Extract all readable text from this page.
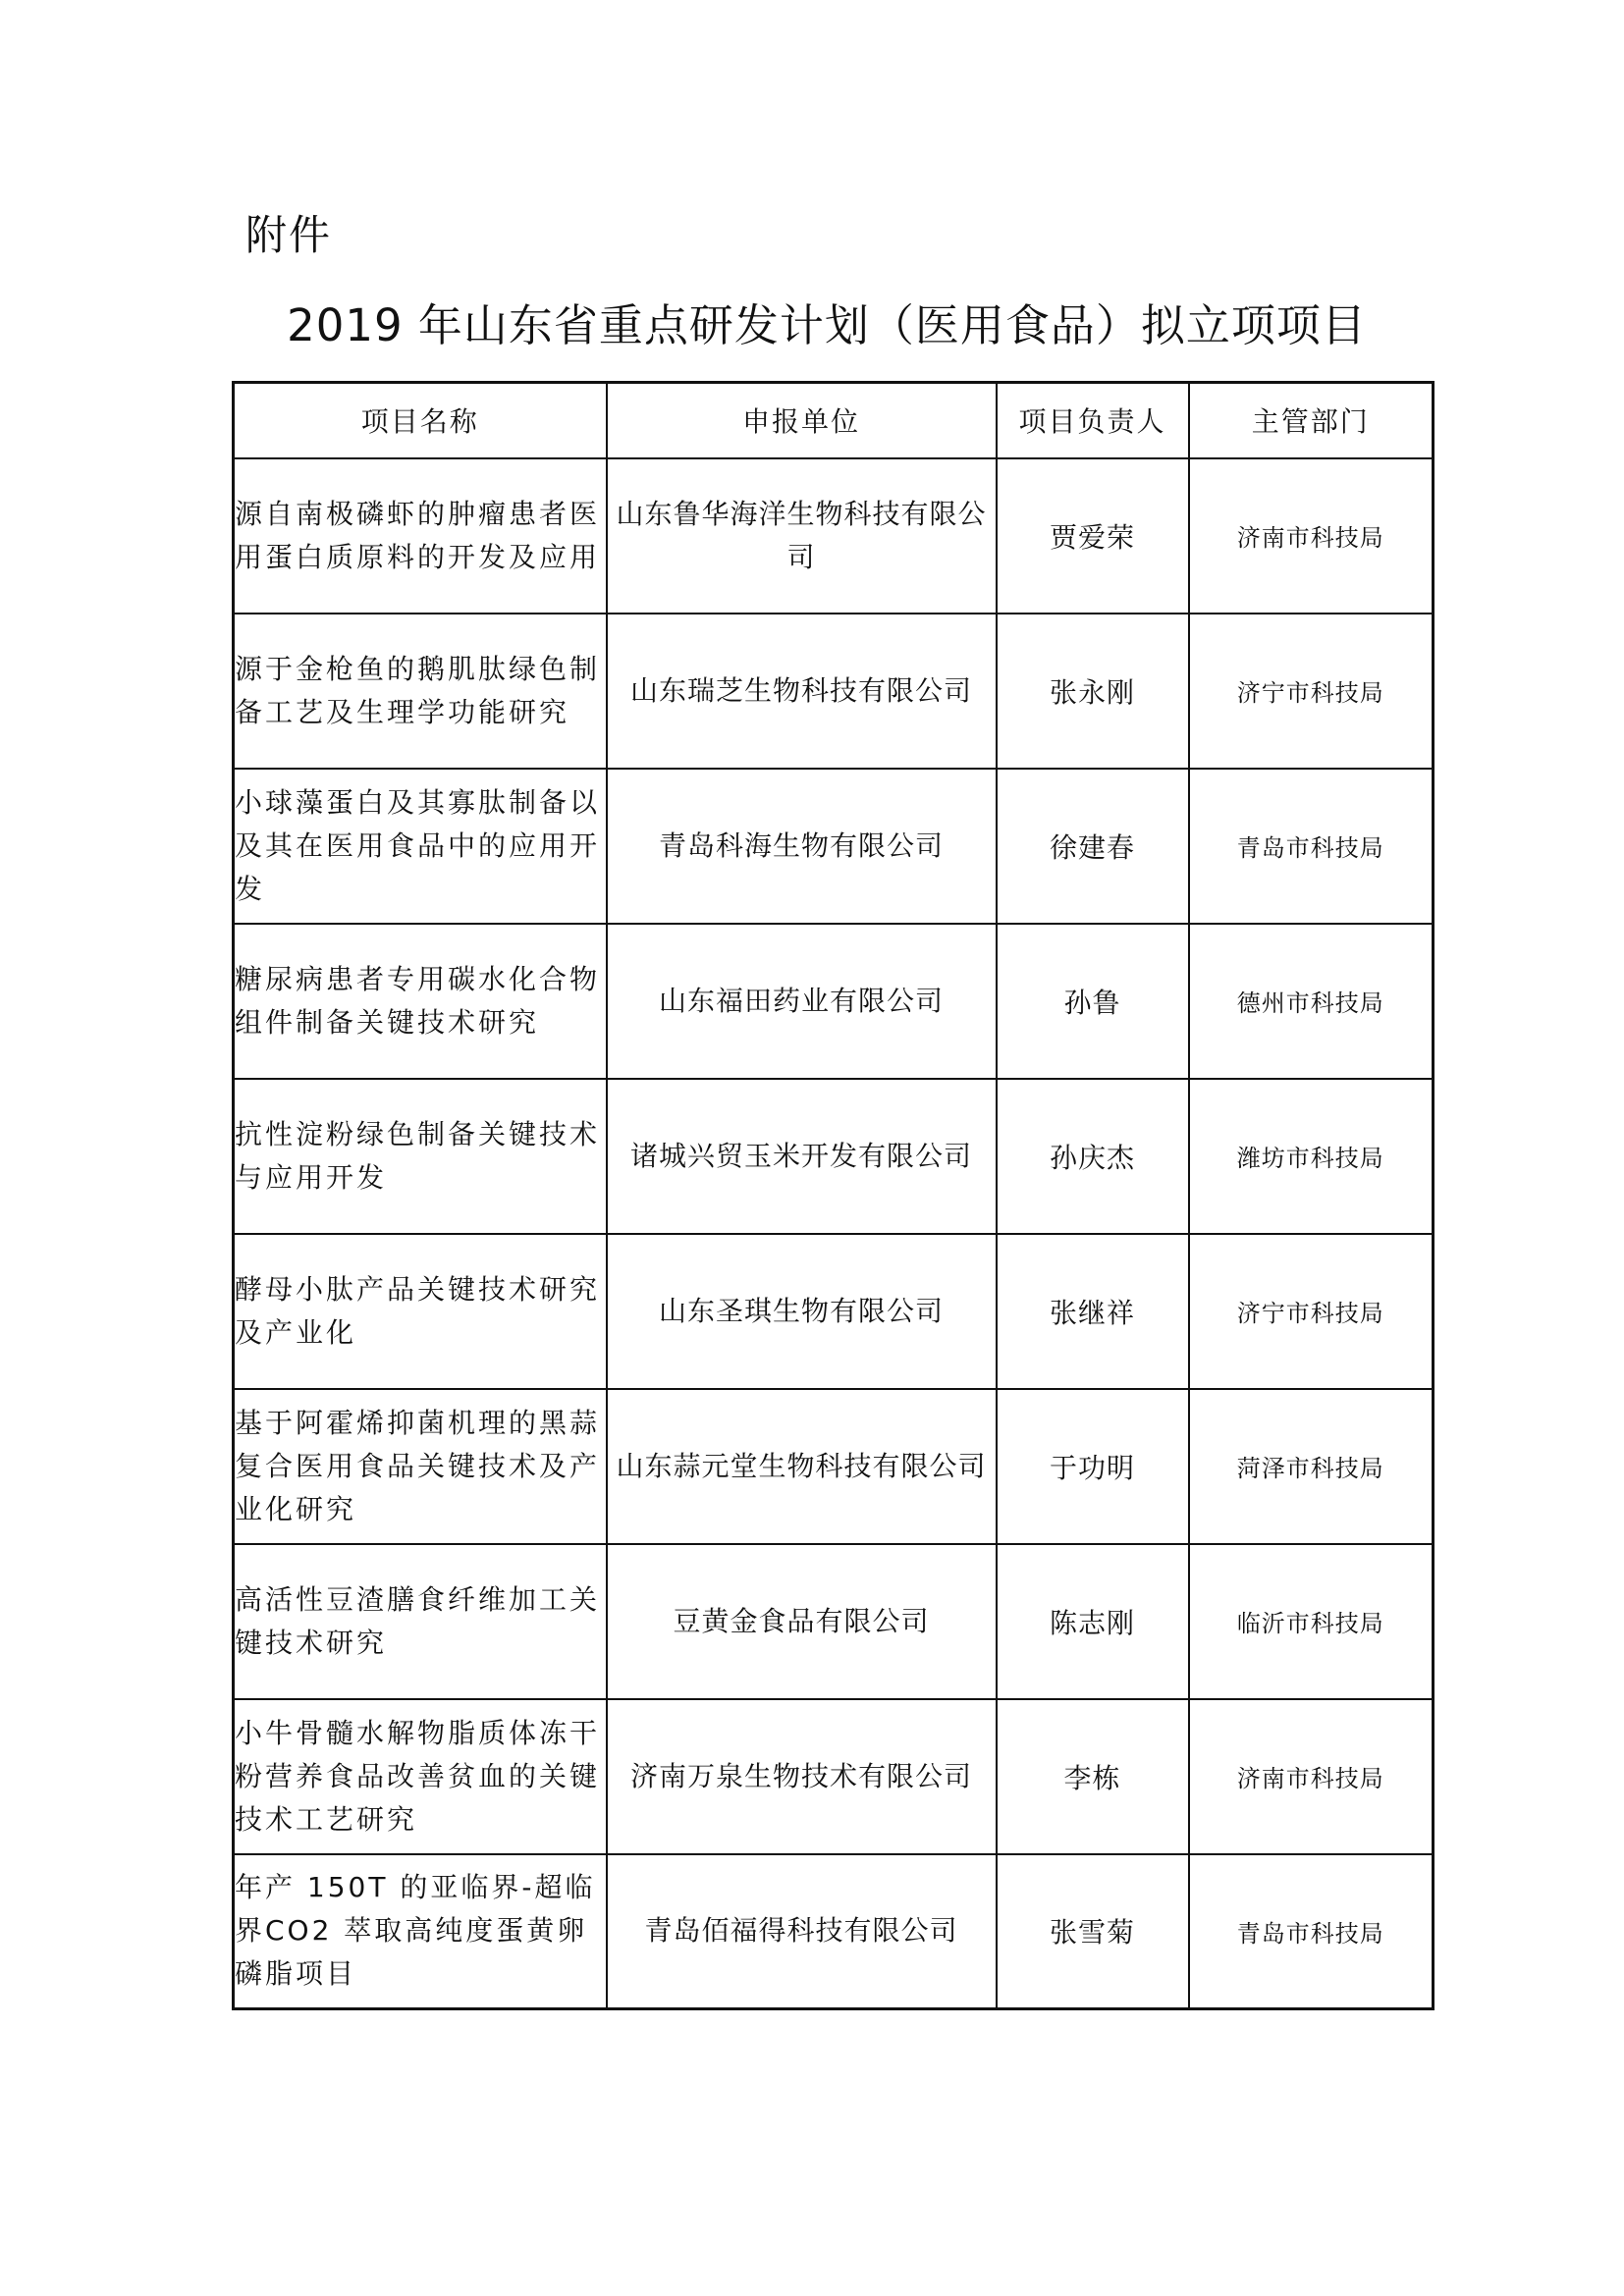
附件
2019 年山东省重点研发计划（医用食品）拟立项项目
项目名称	申报单位	项目负责人	主管部门
源自南极磷虾的肿瘤患者医用蛋白质原料的开发及应用	山东鲁华海洋生物科技有限公司	贾爱荣	济南市科技局
源于金枪鱼的鹅肌肽绿色制备工艺及生理学功能研究	山东瑞芝生物科技有限公司	张永刚	济宁市科技局
小球藻蛋白及其寡肽制备以及其在医用食品中的应用开发	青岛科海生物有限公司	徐建春	青岛市科技局
糖尿病患者专用碳水化合物组件制备关键技术研究	山东福田药业有限公司	孙鲁	德州市科技局
抗性淀粉绿色制备关键技术与应用开发	诸城兴贸玉米开发有限公司	孙庆杰	潍坊市科技局
酵母小肽产品关键技术研究及产业化	山东圣琪生物有限公司	张继祥	济宁市科技局
基于阿霍烯抑菌机理的黑蒜复合医用食品关键技术及产业化研究	山东蒜元堂生物科技有限公司	于功明	菏泽市科技局
高活性豆渣膳食纤维加工关键技术研究	豆黄金食品有限公司	陈志刚	临沂市科技局
小牛骨髓水解物脂质体冻干粉营养食品改善贫血的关键技术工艺研究	济南万泉生物技术有限公司	李栋	济南市科技局
年产 150T 的亚临界-超临界CO2 萃取高纯度蛋黄卵磷脂项目	青岛佰福得科技有限公司	张雪菊	青岛市科技局
